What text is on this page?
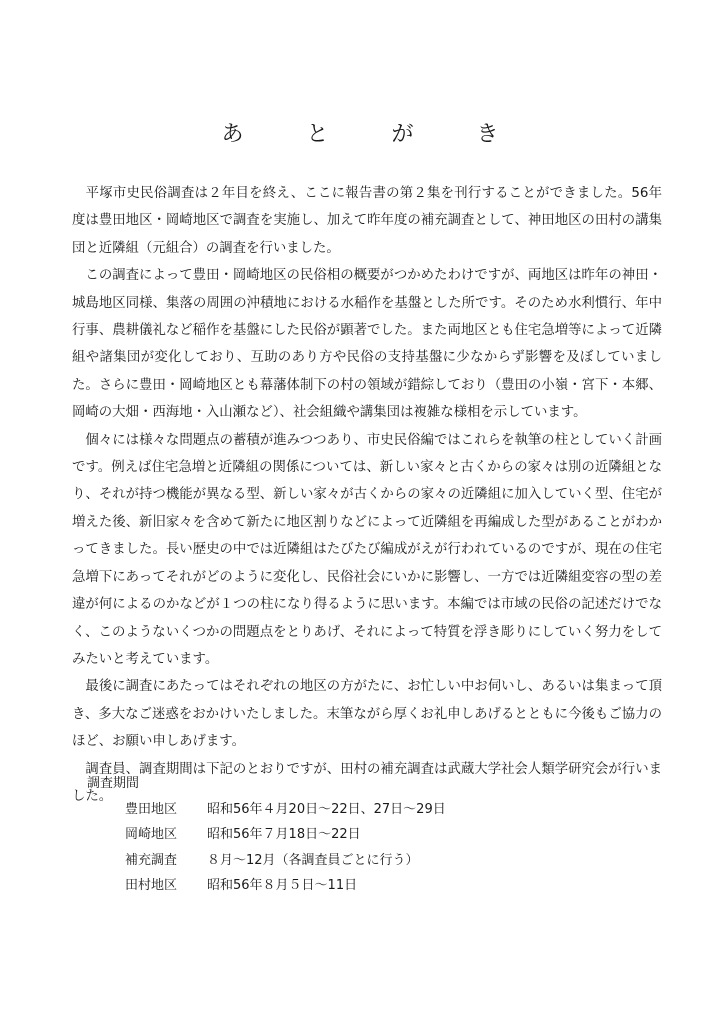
あ と が き

　平塚市史民俗調査は２年目を終え、ここに報告書の第２集を刊行することができました。56年度は豊田地区・岡崎地区で調査を実施し、加えて昨年度の補充調査として、神田地区の田村の講集団と近隣組（元組合）の調査を行いました。

　この調査によって豊田・岡崎地区の民俗相の概要がつかめたわけですが、両地区は昨年の神田・城島地区同様、集落の周囲の沖積地における水稲作を基盤とした所です。そのため水利慣行、年中行事、農耕儀礼など稲作を基盤にした民俗が顕著でした。また両地区とも住宅急増等によって近隣組や諸集団が変化しており、互助のあり方や民俗の支持基盤に少なからず影響を及ぼしていました。さらに豊田・岡崎地区とも幕藩体制下の村の領域が錯綜しており（豊田の小嶺・宮下・本郷、岡崎の大畑・西海地・入山瀬など）、社会組織や講集団は複雑な様相を示しています。

　個々には様々な問題点の蓄積が進みつつあり、市史民俗編ではこれらを執筆の柱としていく計画です。例えば住宅急増と近隣組の関係については、新しい家々と古くからの家々は別の近隣組となり、それが持つ機能が異なる型、新しい家々が古くからの家々の近隣組に加入していく型、住宅が増えた後、新旧家々を含めて新たに地区割りなどによって近隣組を再編成した型があることがわかってきました。長い歴史の中では近隣組はたびたび編成がえが行われているのですが、現在の住宅急増下にあってそれがどのように変化し、民俗社会にいかに影響し、一方では近隣組変容の型の差違が何によるのかなどが１つの柱になり得るように思います。本編では市域の民俗の記述だけでなく、このようないくつかの問題点をとりあげ、それによって特質を浮き彫りにしていく努力をしてみたいと考えています。

　最後に調査にあたってはそれぞれの地区の方がたに、お忙しい中お伺いし、あるいは集まって頂き、多大なご迷惑をおかけいたしました。末筆ながら厚くお礼申しあげるとともに今後もご協力のほど、お願い申しあげます。

　調査員、調査期間は下記のとおりですが、田村の補充調査は武蔵大学社会人類学研究会が行いました。

調査期間
豊田地区	昭和56年４月20日～22日、27日～29日
岡崎地区	昭和56年７月18日～22日
補充調査	８月～12月（各調査員ごとに行う）
田村地区	昭和56年８月５日～11日
